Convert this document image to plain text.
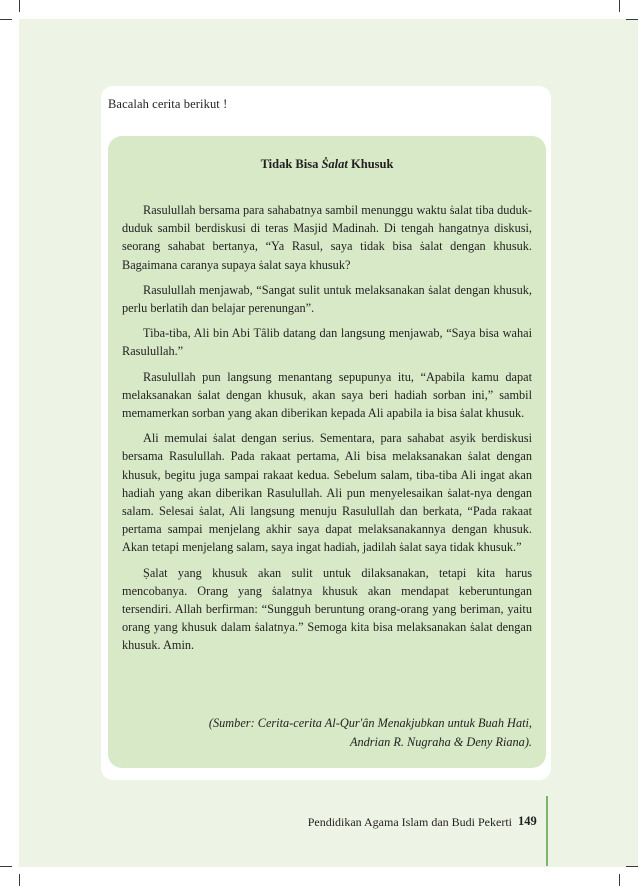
Bacalah cerita berikut !
Tidak Bisa Ṡalat Khusuk

Rasulullah bersama para sahabatnya sambil menunggu waktu ṡalat tiba duduk-duduk sambil berdiskusi di teras Masjid Madinah. Di tengah hangatnya diskusi, seorang sahabat bertanya, “Ya Rasul, saya tidak bisa ṡalat dengan khusuk. Bagaimana caranya supaya ṡalat saya khusuk?

Rasulullah menjawab, “Sangat sulit untuk melaksanakan ṡalat dengan khusuk, perlu berlatih dan belajar perenungan”.

Tiba-tiba, Ali bin Abi Tâlib datang dan langsung menjawab, “Saya bisa wahai Rasulullah.”

Rasulullah pun langsung menantang sepupunya itu, “Apabila kamu dapat melaksanakan ṡalat dengan khusuk, akan saya beri hadiah sorban ini,” sambil memamerkan sorban yang akan diberikan kepada Ali apabila ia bisa ṡalat khusuk.

Ali memulai ṡalat dengan serius. Sementara, para sahabat asyik berdiskusi bersama Rasulullah. Pada rakaat pertama, Ali bisa melaksanakan ṡalat dengan khusuk, begitu juga sampai rakaat kedua. Sebelum salam, tiba-tiba Ali ingat akan hadiah yang akan diberikan Rasulullah. Ali pun menyelesaikan ṡalat-nya dengan salam. Selesai ṡalat, Ali langsung menuju Rasulullah dan berkata, “Pada rakaat pertama sampai menjelang akhir saya dapat melaksanakannya dengan khusuk. Akan tetapi menjelang salam, saya ingat hadiah, jadilah ṡalat saya tidak khusuk.”

Ṣalat yang khusuk akan sulit untuk dilaksanakan, tetapi kita harus mencobanya. Orang yang ṡalatnya khusuk akan mendapat keberuntungan tersendiri. Allah berfirman: “Sungguh beruntung orang-orang yang beriman, yaitu orang yang khusuk dalam ṡalatnya.” Semoga kita bisa melaksanakan ṡalat dengan khusuk. Amin.

(Sumber: Cerita-cerita Al-Qur'ân Menakjubkan untuk Buah Hati,
Andrian R. Nugraha & Deny Riana).
Pendidikan Agama Islam dan Budi Pekerti 149
